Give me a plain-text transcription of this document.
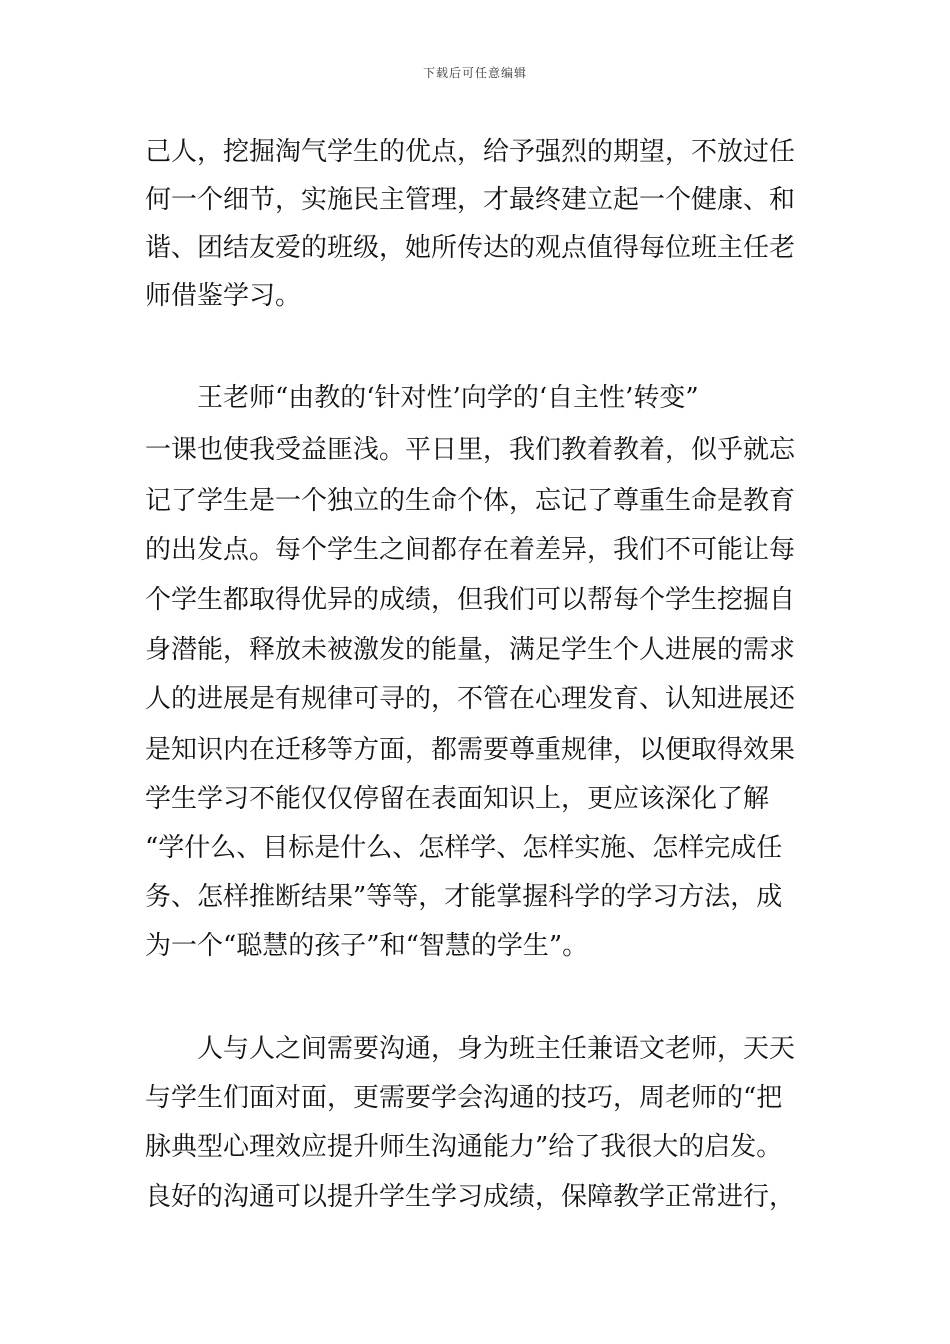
下载后可任意编辑
己人，挖掘淘气学生的优点，给予强烈的期望，不放过任
何一个细节，实施民主管理，才最终建立起一个健康、和
谐、团结友爱的班级，她所传达的观点值得每位班主任老
师借鉴学习。
王老师“由教的‘针对性’向学的‘自主性’转变”
一课也使我受益匪浅。平日里，我们教着教着，似乎就忘
记了学生是一个独立的生命个体，忘记了尊重生命是教育
的出发点。每个学生之间都存在着差异，我们不可能让每
个学生都取得优异的成绩，但我们可以帮每个学生挖掘自
身潜能，释放未被激发的能量，满足学生个人进展的需求
人的进展是有规律可寻的，不管在心理发育、认知进展还
是知识内在迁移等方面，都需要尊重规律，以便取得效果
学生学习不能仅仅停留在表面知识上，更应该深化了解
“学什么、目标是什么、怎样学、怎样实施、怎样完成任
务、怎样推断结果”等等，才能掌握科学的学习方法，成
为一个“聪慧的孩子”和“智慧的学生”。
人与人之间需要沟通，身为班主任兼语文老师，天天
与学生们面对面，更需要学会沟通的技巧，周老师的“把
脉典型心理效应提升师生沟通能力”给了我很大的启发。
良好的沟通可以提升学生学习成绩，保障教学正常进行，
